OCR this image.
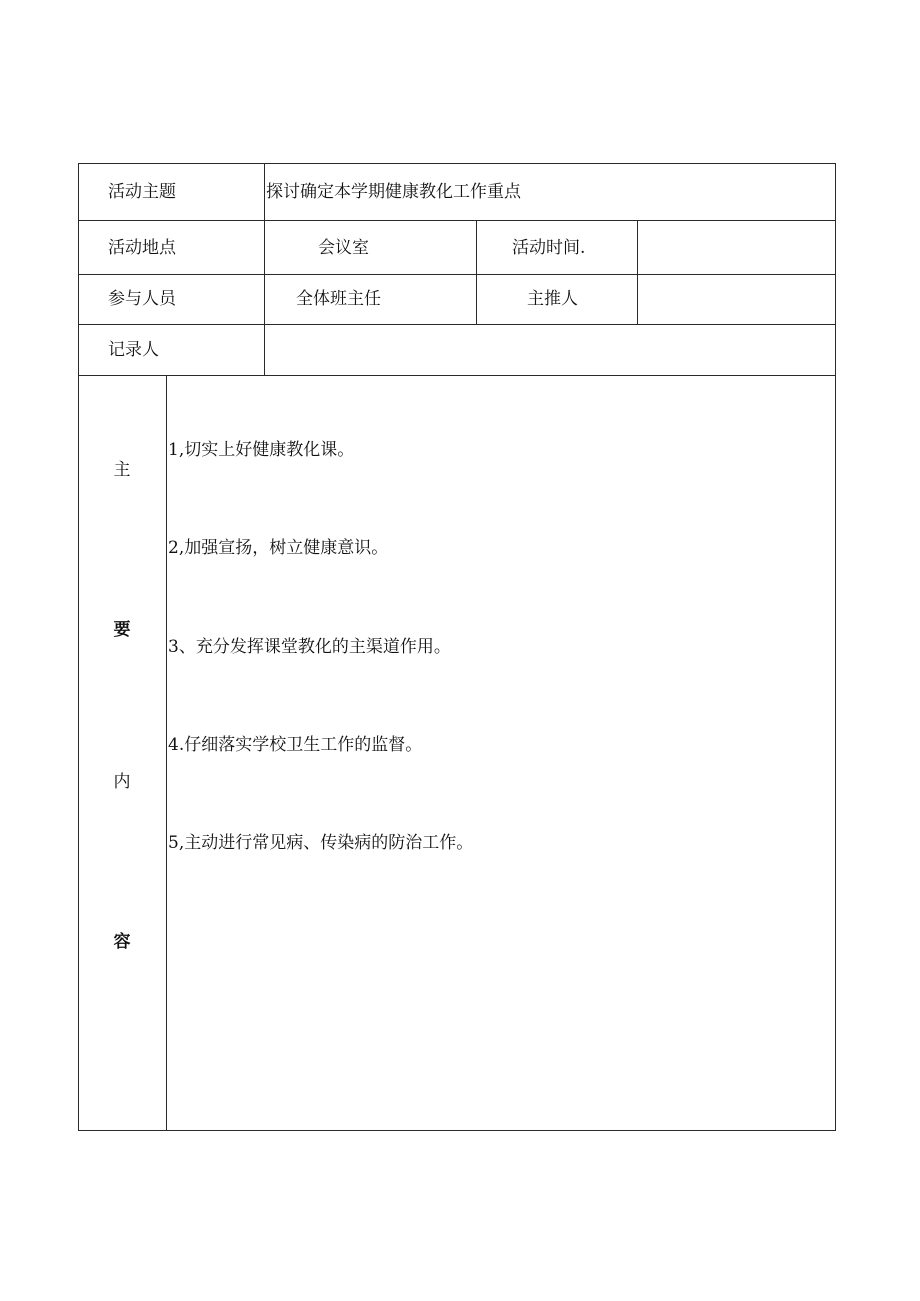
活动主题	探讨确定本学期健康教化工作重点
活动地点	会议室	活动时间.
参与人员	全体班主任	主推人
记录人
主
要
内
容
1,切实上好健康教化课。
2,加强宣扬，树立健康意识。
3、充分发挥课堂教化的主渠道作用。
4.仔细落实学校卫生工作的监督。
5,主动进行常见病、传染病的防治工作。
